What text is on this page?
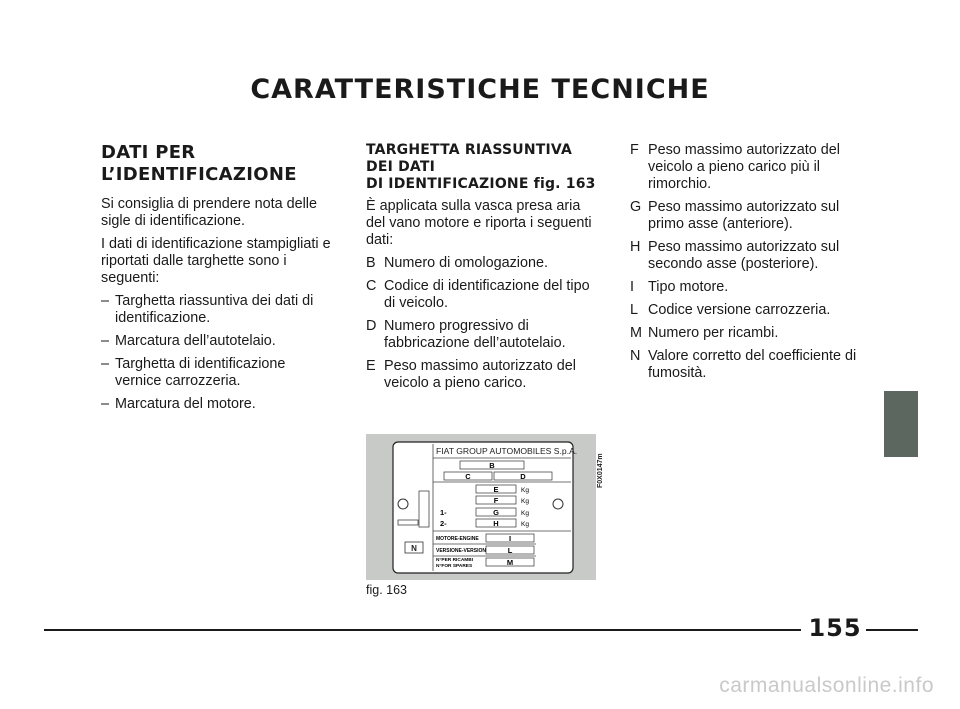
CARATTERISTICHE TECNICHE
DATI PER
L’IDENTIFICAZIONE

Si consiglia di prendere nota delle sigle di identificazione.

I dati di identificazione stampigliati e riportati dalle targhette sono i seguenti:

– Targhetta riassuntiva dei dati di identificazione.
– Marcatura dell’autotelaio.
– Targhetta di identificazione vernice carrozzeria.
– Marcatura del motore.
TARGHETTA RIASSUNTIVA
DEI DATI
DI IDENTIFICAZIONE fig. 163

È applicata sulla vasca presa aria del vano motore e riporta i seguenti dati:

B Numero di omologazione.
C Codice di identificazione del tipo di veicolo.
D Numero progressivo di fabbricazione dell’autotelaio.
E Peso massimo autorizzato del veicolo a pieno carico.
F Peso massimo autorizzato del veicolo a pieno carico più il rimorchio.
G Peso massimo autorizzato sul primo asse (anteriore).
H Peso massimo autorizzato sul secondo asse (posteriore).
I Tipo motore.
L Codice versione carrozzeria.
M Numero per ricambi.
N Valore corretto del coefficiente di fumosità.
N
FIAT GROUP AUTOMOBILES S.p.A.
B
C	D
E	Kg
F	Kg
1-	G	Kg
2-	H	Kg
MOTORE-ENGINE	I
VERSIONE-VERSION	L
N°PER RICAMBI
N°FOR SPARES	M
F0X0147m
fig. 163
155
carmanualsonline.info
